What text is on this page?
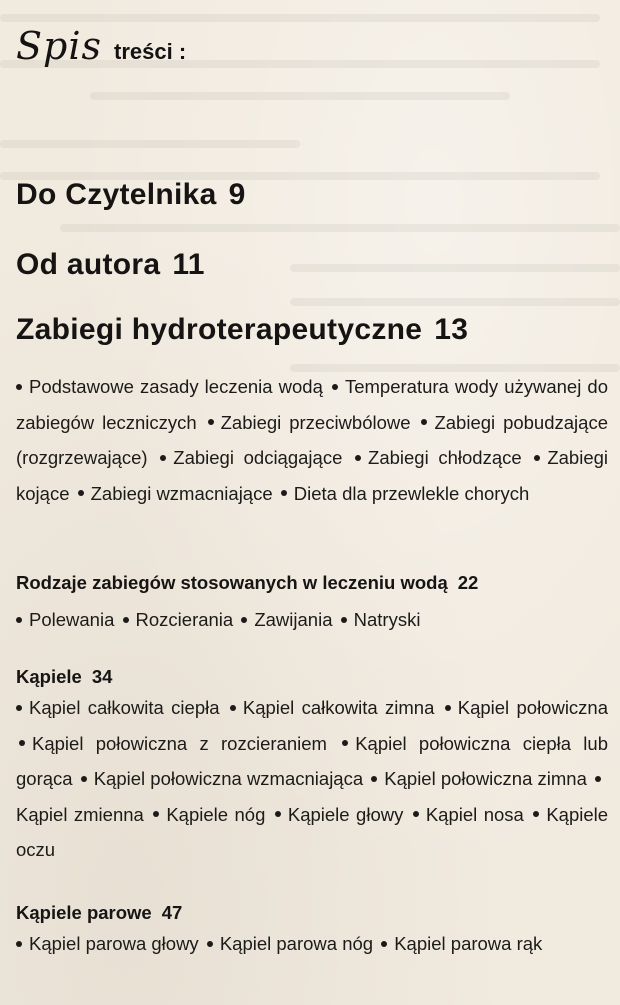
Spis treści :
Do Czytelnika 9
Od autora 11
Zabiegi hydroterapeutyczne 13
Podstawowe zasady leczenia wodą Temperatura wody używanej do zabiegów leczniczych Zabiegi przeciwbólowe Zabiegi pobudzające (rozgrzewające) Zabiegi odciągające Zabiegi chłodzące Zabiegi kojące Zabiegi wzmacniające Dieta dla przewlekle chorych
Rodzaje zabiegów stosowanych w leczeniu wodą 22
Polewania Rozcierania Zawijania Natryski
Kąpiele 34
Kąpiel całkowita ciepła Kąpiel całkowita zimna Kąpiel połowiczna Kąpiel połowiczna z rozcieraniem Kąpiel połowiczna ciepła lub gorąca Kąpiel połowiczna wzmacniająca Kąpiel połowiczna zimna Kąpiel zmienna Kąpiele nóg Kąpiele głowy Kąpiel nosa Kąpiele oczu
Kąpiele parowe 47
Kąpiel parowa głowy Kąpiel parowa nóg Kąpiel parowa rąk
